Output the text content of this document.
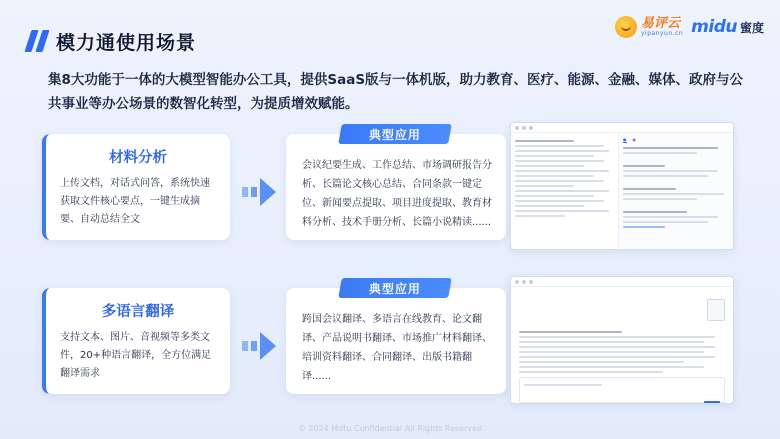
模力通使用场景
易评云
yipanyun.cn midu 蜜度
集8大功能于一体的大模型智能办公工具，提供SaaS版与一体机版，助力教育、医疗、能源、金融、媒体、政府与公共事业等办公场景的数智化转型，为提质增效赋能。
材料分析
上传文档，对话式问答，系统快速获取文件核心要点，一键生成摘要、自动总结全文
典型应用
会议纪要生成、工作总结、市场调研报告分析、长篇论文核心总结、合同条款一键定位、新闻要点提取、项目进度提取、教育材料分析、技术手册分析、长篇小说精读......
● ●
多语言翻译
支持文本、图片、音视频等多类文件，20+种语言翻译，全方位满足翻译需求
典型应用
跨国会议翻译、多语言在线教育、论文翻译、产品说明书翻译、市场推广材料翻译、培训资料翻译、合同翻译、出版书籍翻译......
© 2024 Mdtu Confidential All Rights Reserved
